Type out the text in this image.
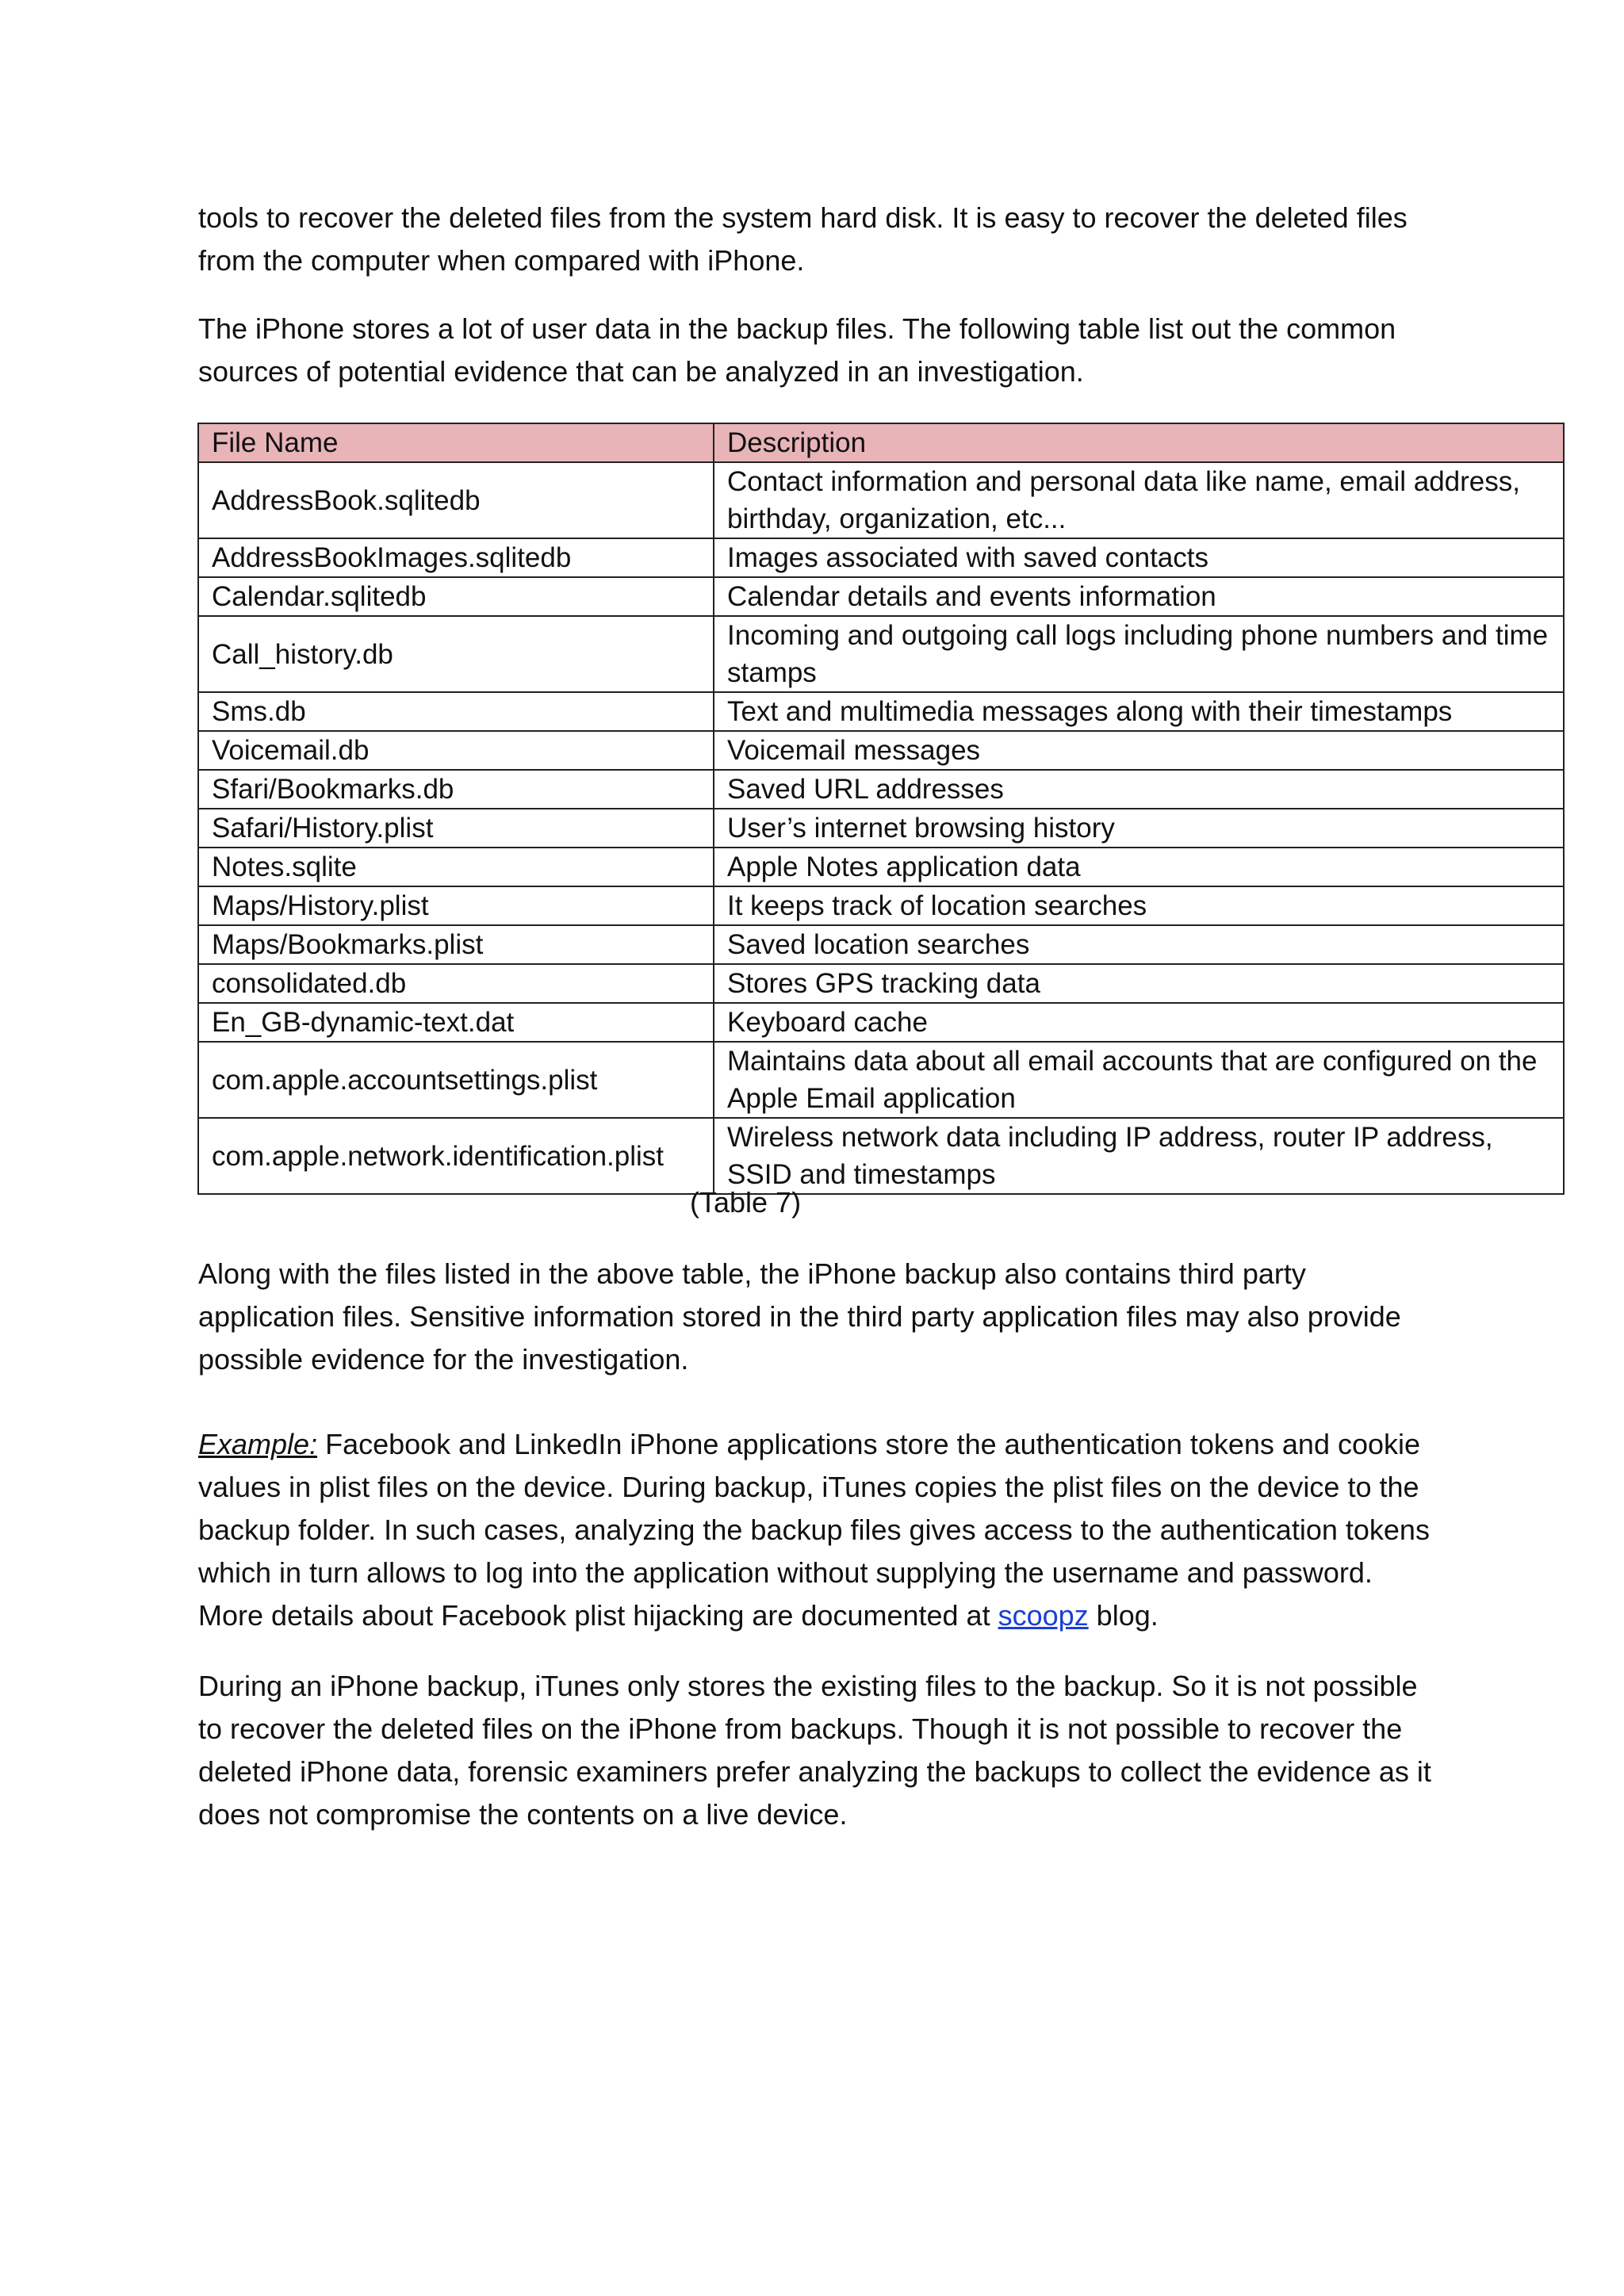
tools to recover the deleted files from the system hard disk. It is easy to recover the deleted files from the computer when compared with iPhone.

The iPhone stores a lot of user data in the backup files. The following table list out the common sources of potential evidence that can be analyzed in an investigation.

File Name	Description
AddressBook.sqlitedb	Contact information and personal data like name, email address, birthday, organization, etc...
AddressBookImages.sqlitedb	Images associated with saved contacts
Calendar.sqlitedb	Calendar details and events information
Call_history.db	Incoming and outgoing call logs including phone numbers and time stamps
Sms.db	Text and multimedia messages along with their timestamps
Voicemail.db	Voicemail messages
Sfari/Bookmarks.db	Saved URL addresses
Safari/History.plist	User’s internet browsing history
Notes.sqlite	Apple Notes application data
Maps/History.plist	It keeps track of location searches
Maps/Bookmarks.plist	Saved location searches
consolidated.db	Stores GPS tracking data
En_GB-dynamic-text.dat	Keyboard cache
com.apple.accountsettings.plist	Maintains data about all email accounts that are configured on the Apple Email application
com.apple.network.identification.plist	Wireless network data including IP address, router IP address, SSID and timestamps
(Table 7)

Along with the files listed in the above table, the iPhone backup also contains third party application files. Sensitive information stored in the third party application files may also provide possible evidence for the investigation.

Example: Facebook and LinkedIn iPhone applications store the authentication tokens and cookie values in plist files on the device. During backup, iTunes copies the plist files on the device to the backup folder. In such cases, analyzing the backup files gives access to the authentication tokens which in turn allows to log into the application without supplying the username and password.
More details about Facebook plist hijacking are documented at scoopz blog.

During an iPhone backup, iTunes only stores the existing files to the backup. So it is not possible to recover the deleted files on the iPhone from backups. Though it is not possible to recover the deleted iPhone data, forensic examiners prefer analyzing the backups to collect the evidence as it does not compromise the contents on a live device.
